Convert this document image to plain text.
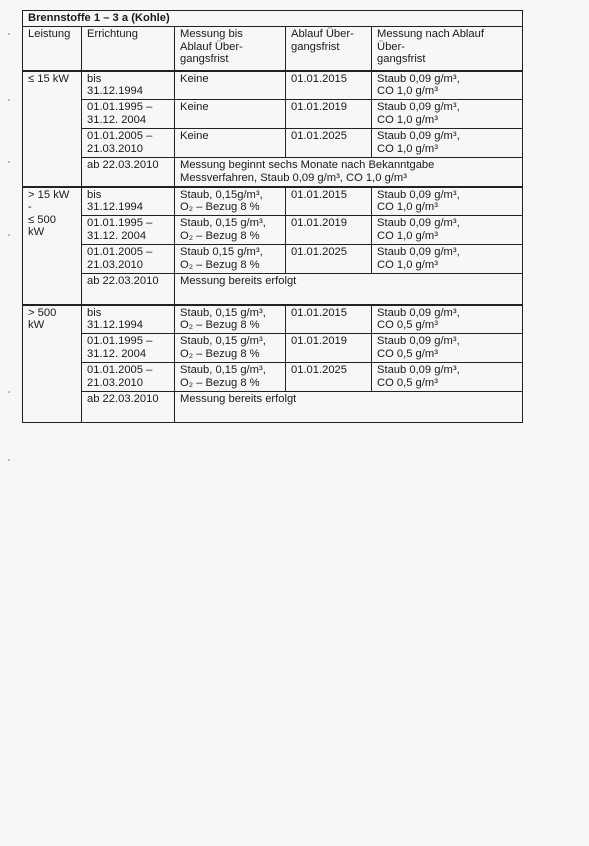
Brennstoffe 1 – 3 a (Kohle)				
Leistung	Errichtung	Messung bis
Ablauf Über-
gangsfrist	Ablauf Über-
gangsfrist	Messung nach Ablauf
Über-
gangsfrist

≤ 15 kW	bis
31.12.1994	Keine	01.01.2015	Staub 0,09 g/m³,
CO 1,0 g/m³

	01.01.1995 –
31.12. 2004	Keine	01.01.2019	Staub 0,09 g/m³,
CO 1,0 g/m³

	01.01.2005 –
21.03.2010	Keine	01.01.2025	Staub 0,09 g/m³,
CO 1,0 g/m³

	ab 22.03.2010	Messung beginnt sechs Monate nach Bekanntgabe
Messverfahren, Staub 0,09 g/m³, CO 1,0 g/m³		

> 15 kW
-
≤ 500
kW	bis
31.12.1994	Staub, 0,15g/m³,
O₂ – Bezug 8 %	01.01.2015	Staub 0,09 g/m³,
CO 1,0 g/m³

	01.01.1995 –
31.12. 2004	Staub, 0,15 g/m³,
O₂ – Bezug 8 %	01.01.2019	Staub 0,09 g/m³,
CO 1,0 g/m³

	01.01.2005 –
21.03.2010	Staub 0,15 g/m³,
O₂ – Bezug 8 %	01.01.2025	Staub 0,09 g/m³,
CO 1,0 g/m³

	ab 22.03.2010	Messung bereits erfolgt		

> 500
kW	bis
31.12.1994	Staub, 0,15 g/m³,
O₂ – Bezug 8 %	01.01.2015	Staub 0,09 g/m³,
CO 0,5 g/m³

	01.01.1995 –
31.12. 2004	Staub, 0,15 g/m³,
O₂ – Bezug 8 %	01.01.2019	Staub 0,09 g/m³,
CO 0,5 g/m³

	01.01.2005 –
21.03.2010	Staub, 0,15 g/m³,
O₂ – Bezug 8 %	01.01.2025	Staub 0,09 g/m³,
CO 0,5 g/m³

	ab 22.03.2010	Messung bereits erfolgt		
